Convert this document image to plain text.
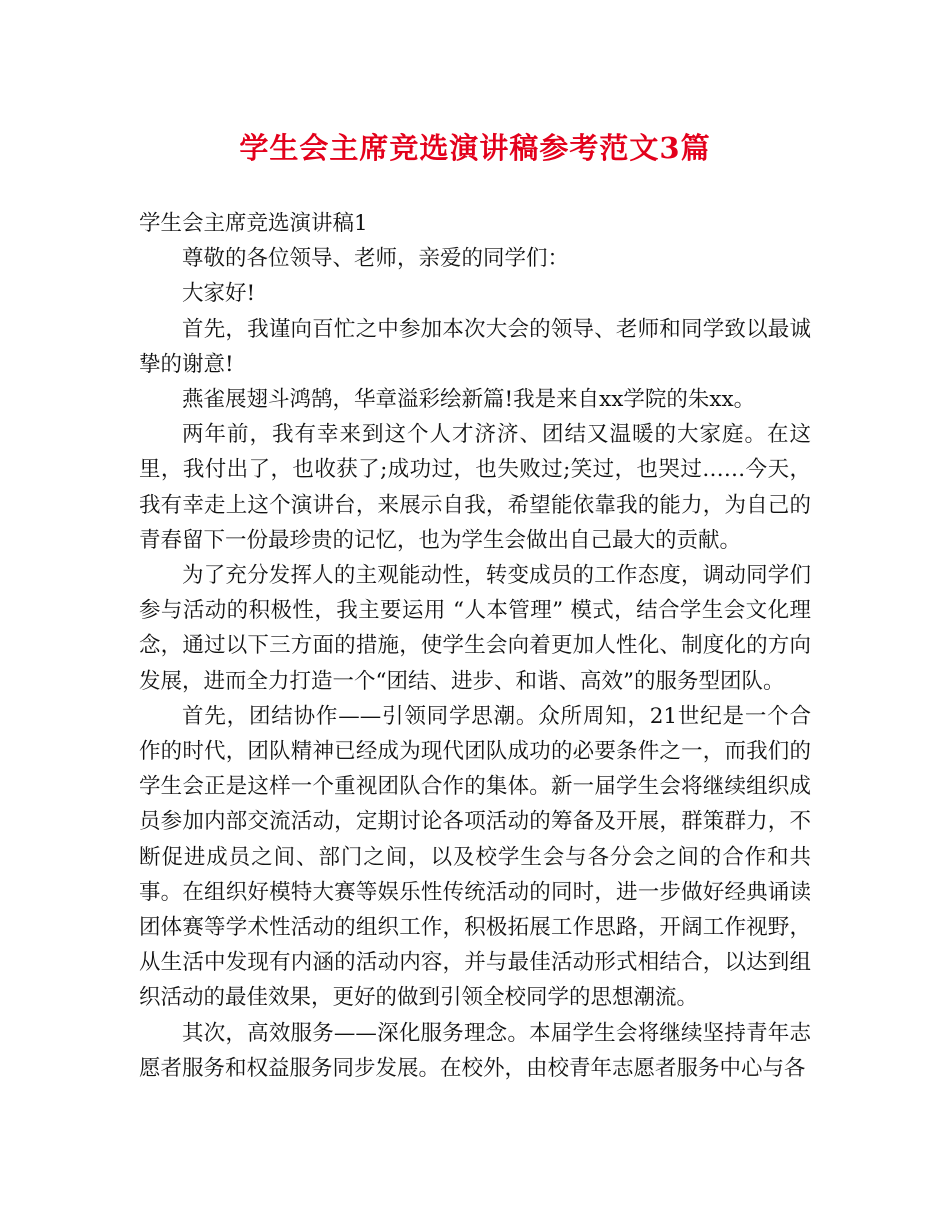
学生会主席竞选演讲稿参考范文3篇

学生会主席竞选演讲稿1

尊敬的各位领导、老师，亲爱的同学们：

大家好!

首先，我谨向百忙之中参加本次大会的领导、老师和同学致以最诚挚的谢意!

燕雀展翅斗鸿鹄，华章溢彩绘新篇!我是来自xx学院的朱xx。

两年前，我有幸来到这个人才济济、团结又温暖的大家庭。在这里，我付出了，也收获了;成功过，也失败过;笑过，也哭过……今天，我有幸走上这个演讲台，来展示自我，希望能依靠我的能力，为自己的青春留下一份最珍贵的记忆，也为学生会做出自己最大的贡献。

为了充分发挥人的主观能动性，转变成员的工作态度，调动同学们参与活动的积极性，我主要运用 “人本管理” 模式，结合学生会文化理念，通过以下三方面的措施，使学生会向着更加人性化、制度化的方向发展，进而全力打造一个“团结、进步、和谐、高效”的服务型团队。

首先，团结协作——引领同学思潮。众所周知，21世纪是一个合作的时代，团队精神已经成为现代团队成功的必要条件之一，而我们的学生会正是这样一个重视团队合作的集体。新一届学生会将继续组织成员参加内部交流活动，定期讨论各项活动的筹备及开展，群策群力，不断促进成员之间、部门之间，以及校学生会与各分会之间的合作和共事。在组织好模特大赛等娱乐性传统活动的同时，进一步做好经典诵读团体赛等学术性活动的组织工作，积极拓展工作思路，开阔工作视野，从生活中发现有内涵的活动内容，并与最佳活动形式相结合，以达到组织活动的最佳效果，更好的做到引领全校同学的思想潮流。

其次，高效服务——深化服务理念。本届学生会将继续坚持青年志愿者服务和权益服务同步发展。在校外，由校青年志愿者服务中心与各
